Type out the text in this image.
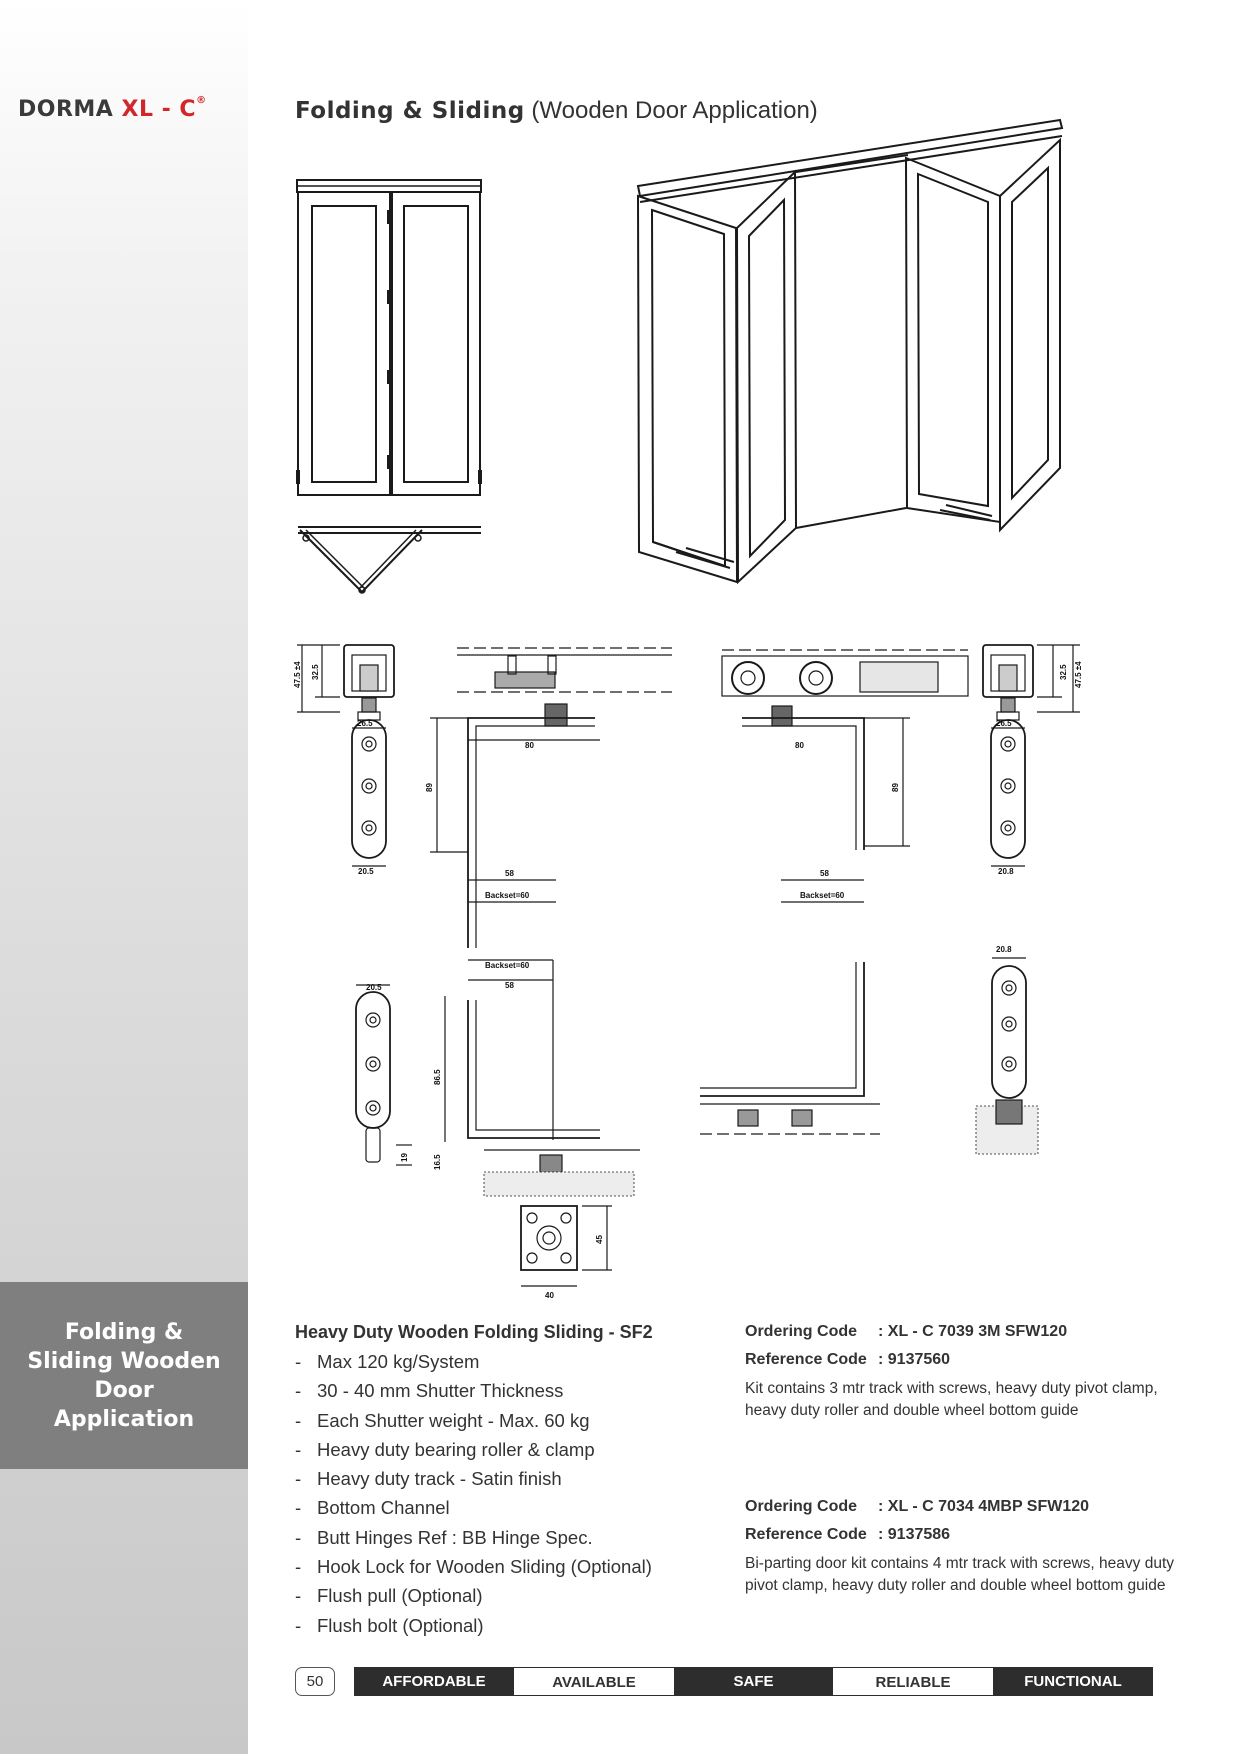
DORMA XL - C®
Folding & Sliding Wooden Door Application
Folding & Sliding (Wooden Door Application)
47.5 ±4 32.5
26.5
20.5
80
89
58
Backset=60
80
89
58
Backset=60
32.5 47.5 ±4
26.5
20.8
Backset=60
58
20.5
86.5
19	16.5
45
40
20.8
Heavy Duty Wooden Folding Sliding - SF2
- Max 120 kg/System
- 30 - 40 mm Shutter Thickness
- Each Shutter weight - Max. 60 kg
- Heavy duty bearing roller & clamp
- Heavy duty track - Satin finish
- Bottom Channel
- Butt Hinges Ref : BB Hinge Spec.
- Hook Lock for Wooden Sliding (Optional)
- Flush pull (Optional)
- Flush bolt (Optional)
Ordering Code : XL - C 7039 3M SFW120
Reference Code : 9137560

Kit contains 3 mtr track with screws, heavy duty pivot clamp, heavy duty roller and double wheel bottom guide

Ordering Code : XL - C 7034 4MBP SFW120
Reference Code : 9137586

Bi-parting door kit contains 4 mtr track with screws, heavy duty pivot clamp, heavy duty roller and double wheel bottom guide

50	AFFORDABLE	AVAILABLE	SAFE	RELIABLE	FUNCTIONAL
